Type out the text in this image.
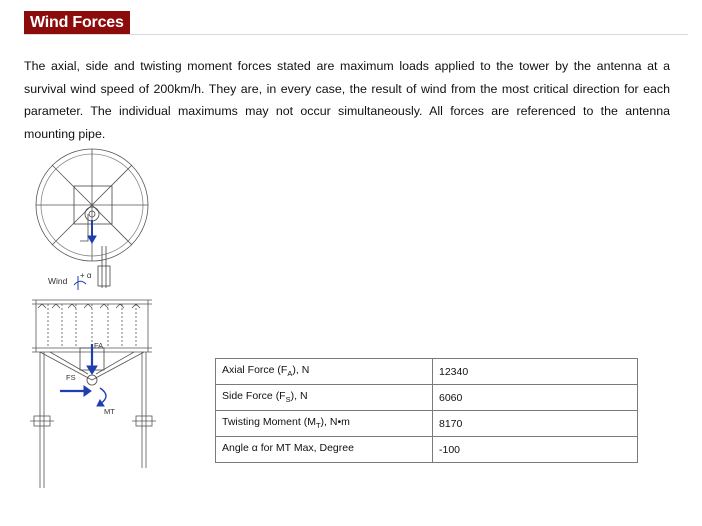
Wind Forces

The axial, side and twisting moment forces stated are maximum loads applied to the tower by the antenna at a survival wind speed of 200km/h. They are, in every case, the result of wind from the most critical direction for each parameter. The individual maximums may not occur simultaneously. All forces are referenced to the antenna mounting pipe.

Wind
+ α
FA
FS
MT
Axial Force $(F_A)$, N	12340
Side Force $(F_S)$, N	6060
Twisting Moment $(M_T)$, N•m	8170
Angle α for MT Max, Degree	-100
